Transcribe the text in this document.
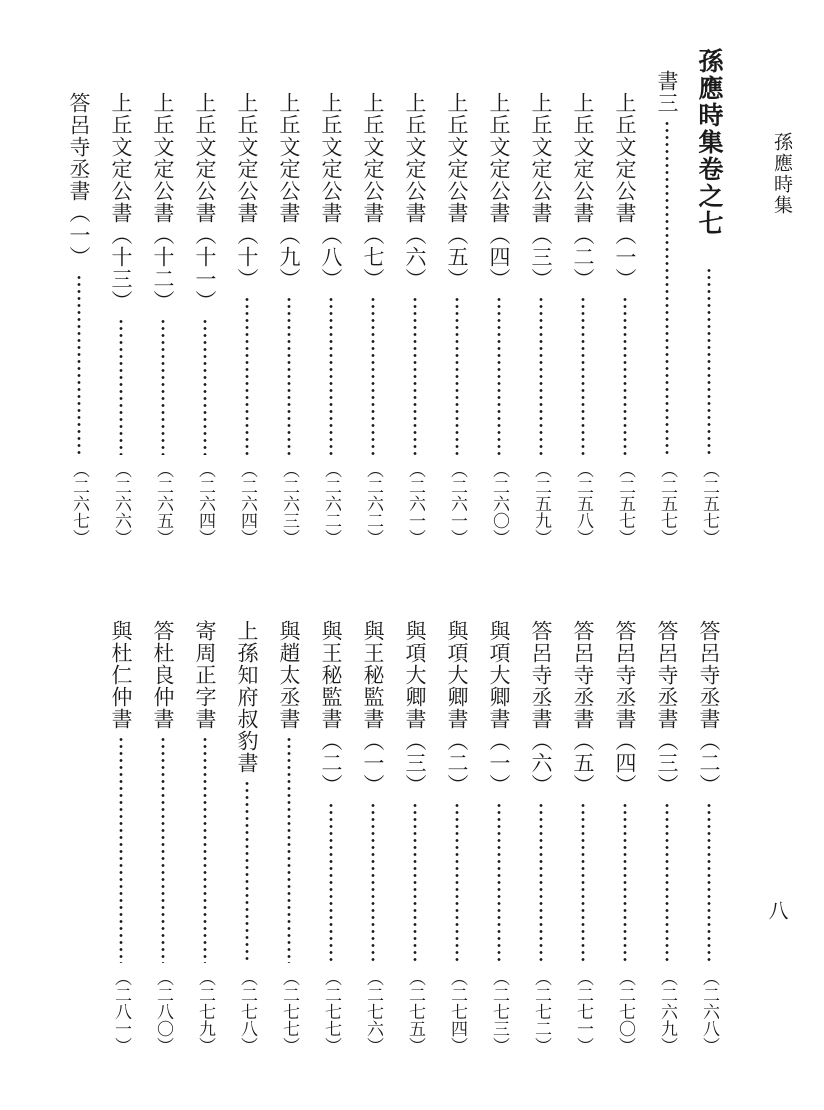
孫應時集
八
孫應時集卷之七
（二五七）
書三
（二五七）
上丘文定公書（一）
（二五七）
上丘文定公書（二）
（二五八）
上丘文定公書（三）
（二五九）
上丘文定公書（四）
（二六〇）
上丘文定公書（五）
（二六一）
上丘文定公書（六）
（二六一）
上丘文定公書（七）
（二六二）
上丘文定公書（八）
（二六二）
上丘文定公書（九）
（二六三）
上丘文定公書（十）
（二六四）
上丘文定公書（十一）
（二六四）
上丘文定公書（十二）
（二六五）
上丘文定公書（十三）
（二六六）
答呂寺丞書（一）
（二六七）
答呂寺丞書（二）
（二六八）
答呂寺丞書（三）
（二六九）
答呂寺丞書（四）
（二七〇）
答呂寺丞書（五）
（二七一）
答呂寺丞書（六）
（二七二）
與項大卿書（一）
（二七三）
與項大卿書（二）
（二七四）
與項大卿書（三）
（二七五）
與王秘監書（一）
（二七六）
與王秘監書（二）
（二七七）
與趙太丞書
（二七七）
上孫知府叔豹書
（二七八）
寄周正字書
（二七九）
答杜良仲書
（二八〇）
與杜仁仲書
（二八一）
